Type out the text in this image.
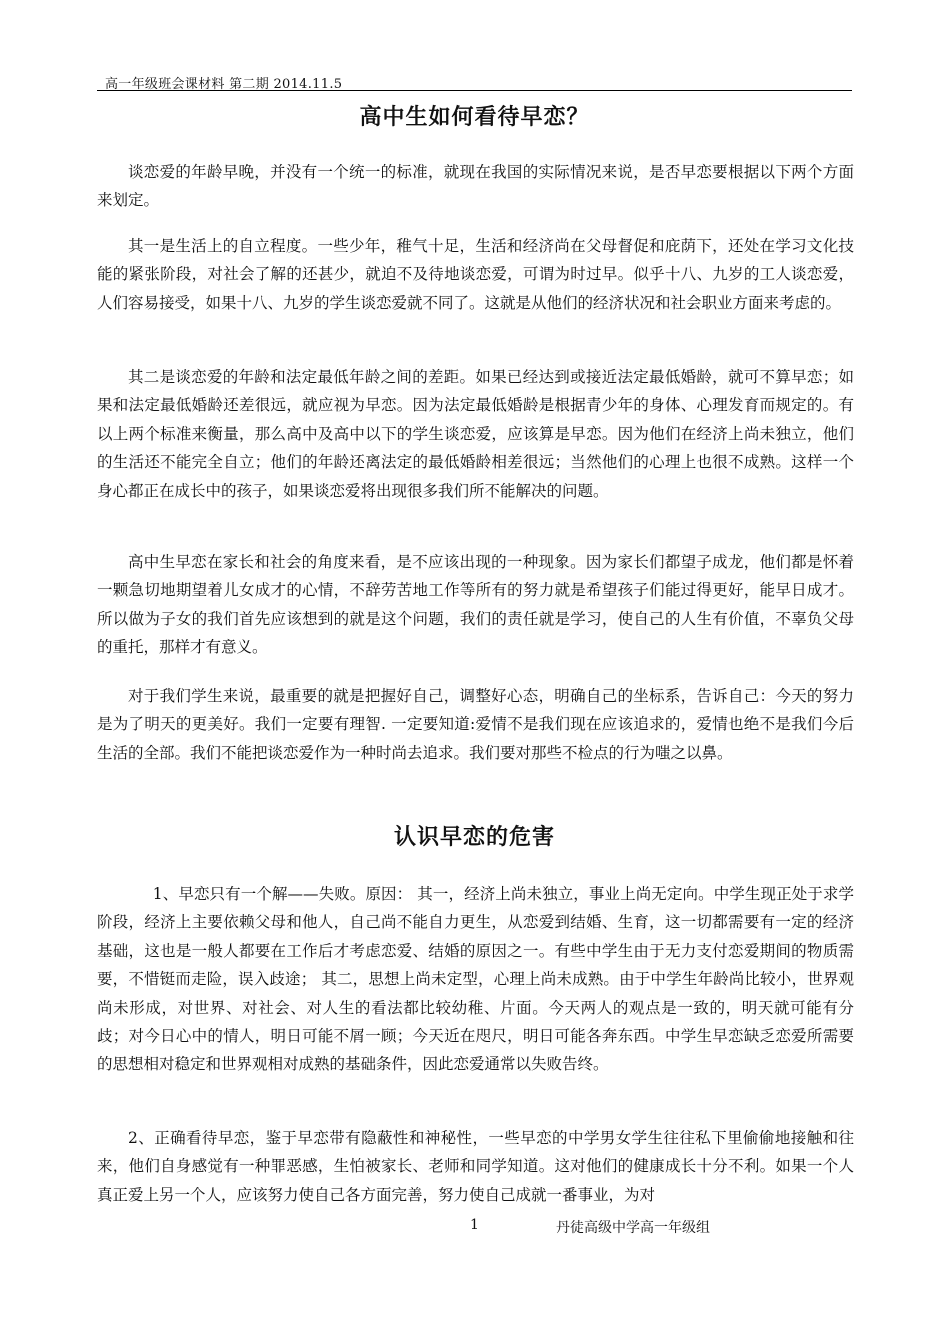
高一年级班会课材料 第二期 2014.11.5
高中生如何看待早恋？

谈恋爱的年龄早晚，并没有一个统一的标准，就现在我国的实际情况来说，是否早恋要根据以下两个方面来划定。

其一是生活上的自立程度。一些少年，稚气十足，生活和经济尚在父母督促和庇荫下，还处在学习文化技能的紧张阶段，对社会了解的还甚少，就迫不及待地谈恋爱，可谓为时过早。似乎十八、九岁的工人谈恋爱，人们容易接受，如果十八、九岁的学生谈恋爱就不同了。这就是从他们的经济状况和社会职业方面来考虑的。

其二是谈恋爱的年龄和法定最低年龄之间的差距。如果已经达到或接近法定最低婚龄，就可不算早恋；如果和法定最低婚龄还差很远，就应视为早恋。因为法定最低婚龄是根据青少年的身体、心理发育而规定的。有以上两个标准来衡量，那么高中及高中以下的学生谈恋爱，应该算是早恋。因为他们在经济上尚未独立，他们的生活还不能完全自立；他们的年龄还离法定的最低婚龄相差很远；当然他们的心理上也很不成熟。这样一个身心都正在成长中的孩子，如果谈恋爱将出现很多我们所不能解决的问题。

高中生早恋在家长和社会的角度来看，是不应该出现的一种现象。因为家长们都望子成龙，他们都是怀着一颗急切地期望着儿女成才的心情，不辞劳苦地工作等所有的努力就是希望孩子们能过得更好，能早日成才。所以做为子女的我们首先应该想到的就是这个问题，我们的责任就是学习，使自己的人生有价值，不辜负父母的重托，那样才有意义。

对于我们学生来说，最重要的就是把握好自己，调整好心态，明确自己的坐标系，告诉自己：今天的努力是为了明天的更美好。我们一定要有理智. 一定要知道:爱情不是我们现在应该追求的，爱情也绝不是我们今后生活的全部。我们不能把谈恋爱作为一种时尚去追求。我们要对那些不检点的行为嗤之以鼻。

认识早恋的危害

1、早恋只有一个解——失败。原因： 其一，经济上尚未独立，事业上尚无定向。中学生现正处于求学阶段，经济上主要依赖父母和他人，自己尚不能自力更生，从恋爱到结婚、生育，这一切都需要有一定的经济基础，这也是一般人都要在工作后才考虑恋爱、结婚的原因之一。有些中学生由于无力支付恋爱期间的物质需要，不惜铤而走险，误入歧途； 其二，思想上尚未定型，心理上尚未成熟。由于中学生年龄尚比较小，世界观尚未形成，对世界、对社会、对人生的看法都比较幼稚、片面。今天两人的观点是一致的，明天就可能有分歧；对今日心中的情人，明日可能不屑一顾；今天近在咫尺，明日可能各奔东西。中学生早恋缺乏恋爱所需要的思想相对稳定和世界观相对成熟的基础条件，因此恋爱通常以失败告终。

2、正确看待早恋，鉴于早恋带有隐蔽性和神秘性，一些早恋的中学男女学生往往私下里偷偷地接触和往来，他们自身感觉有一种罪恶感，生怕被家长、老师和同学知道。这对他们的健康成长十分不利。如果一个人真正爱上另一个人，应该努力使自己各方面完善，努力使自己成就一番事业，为对

1	丹徒高级中学高一年级组
